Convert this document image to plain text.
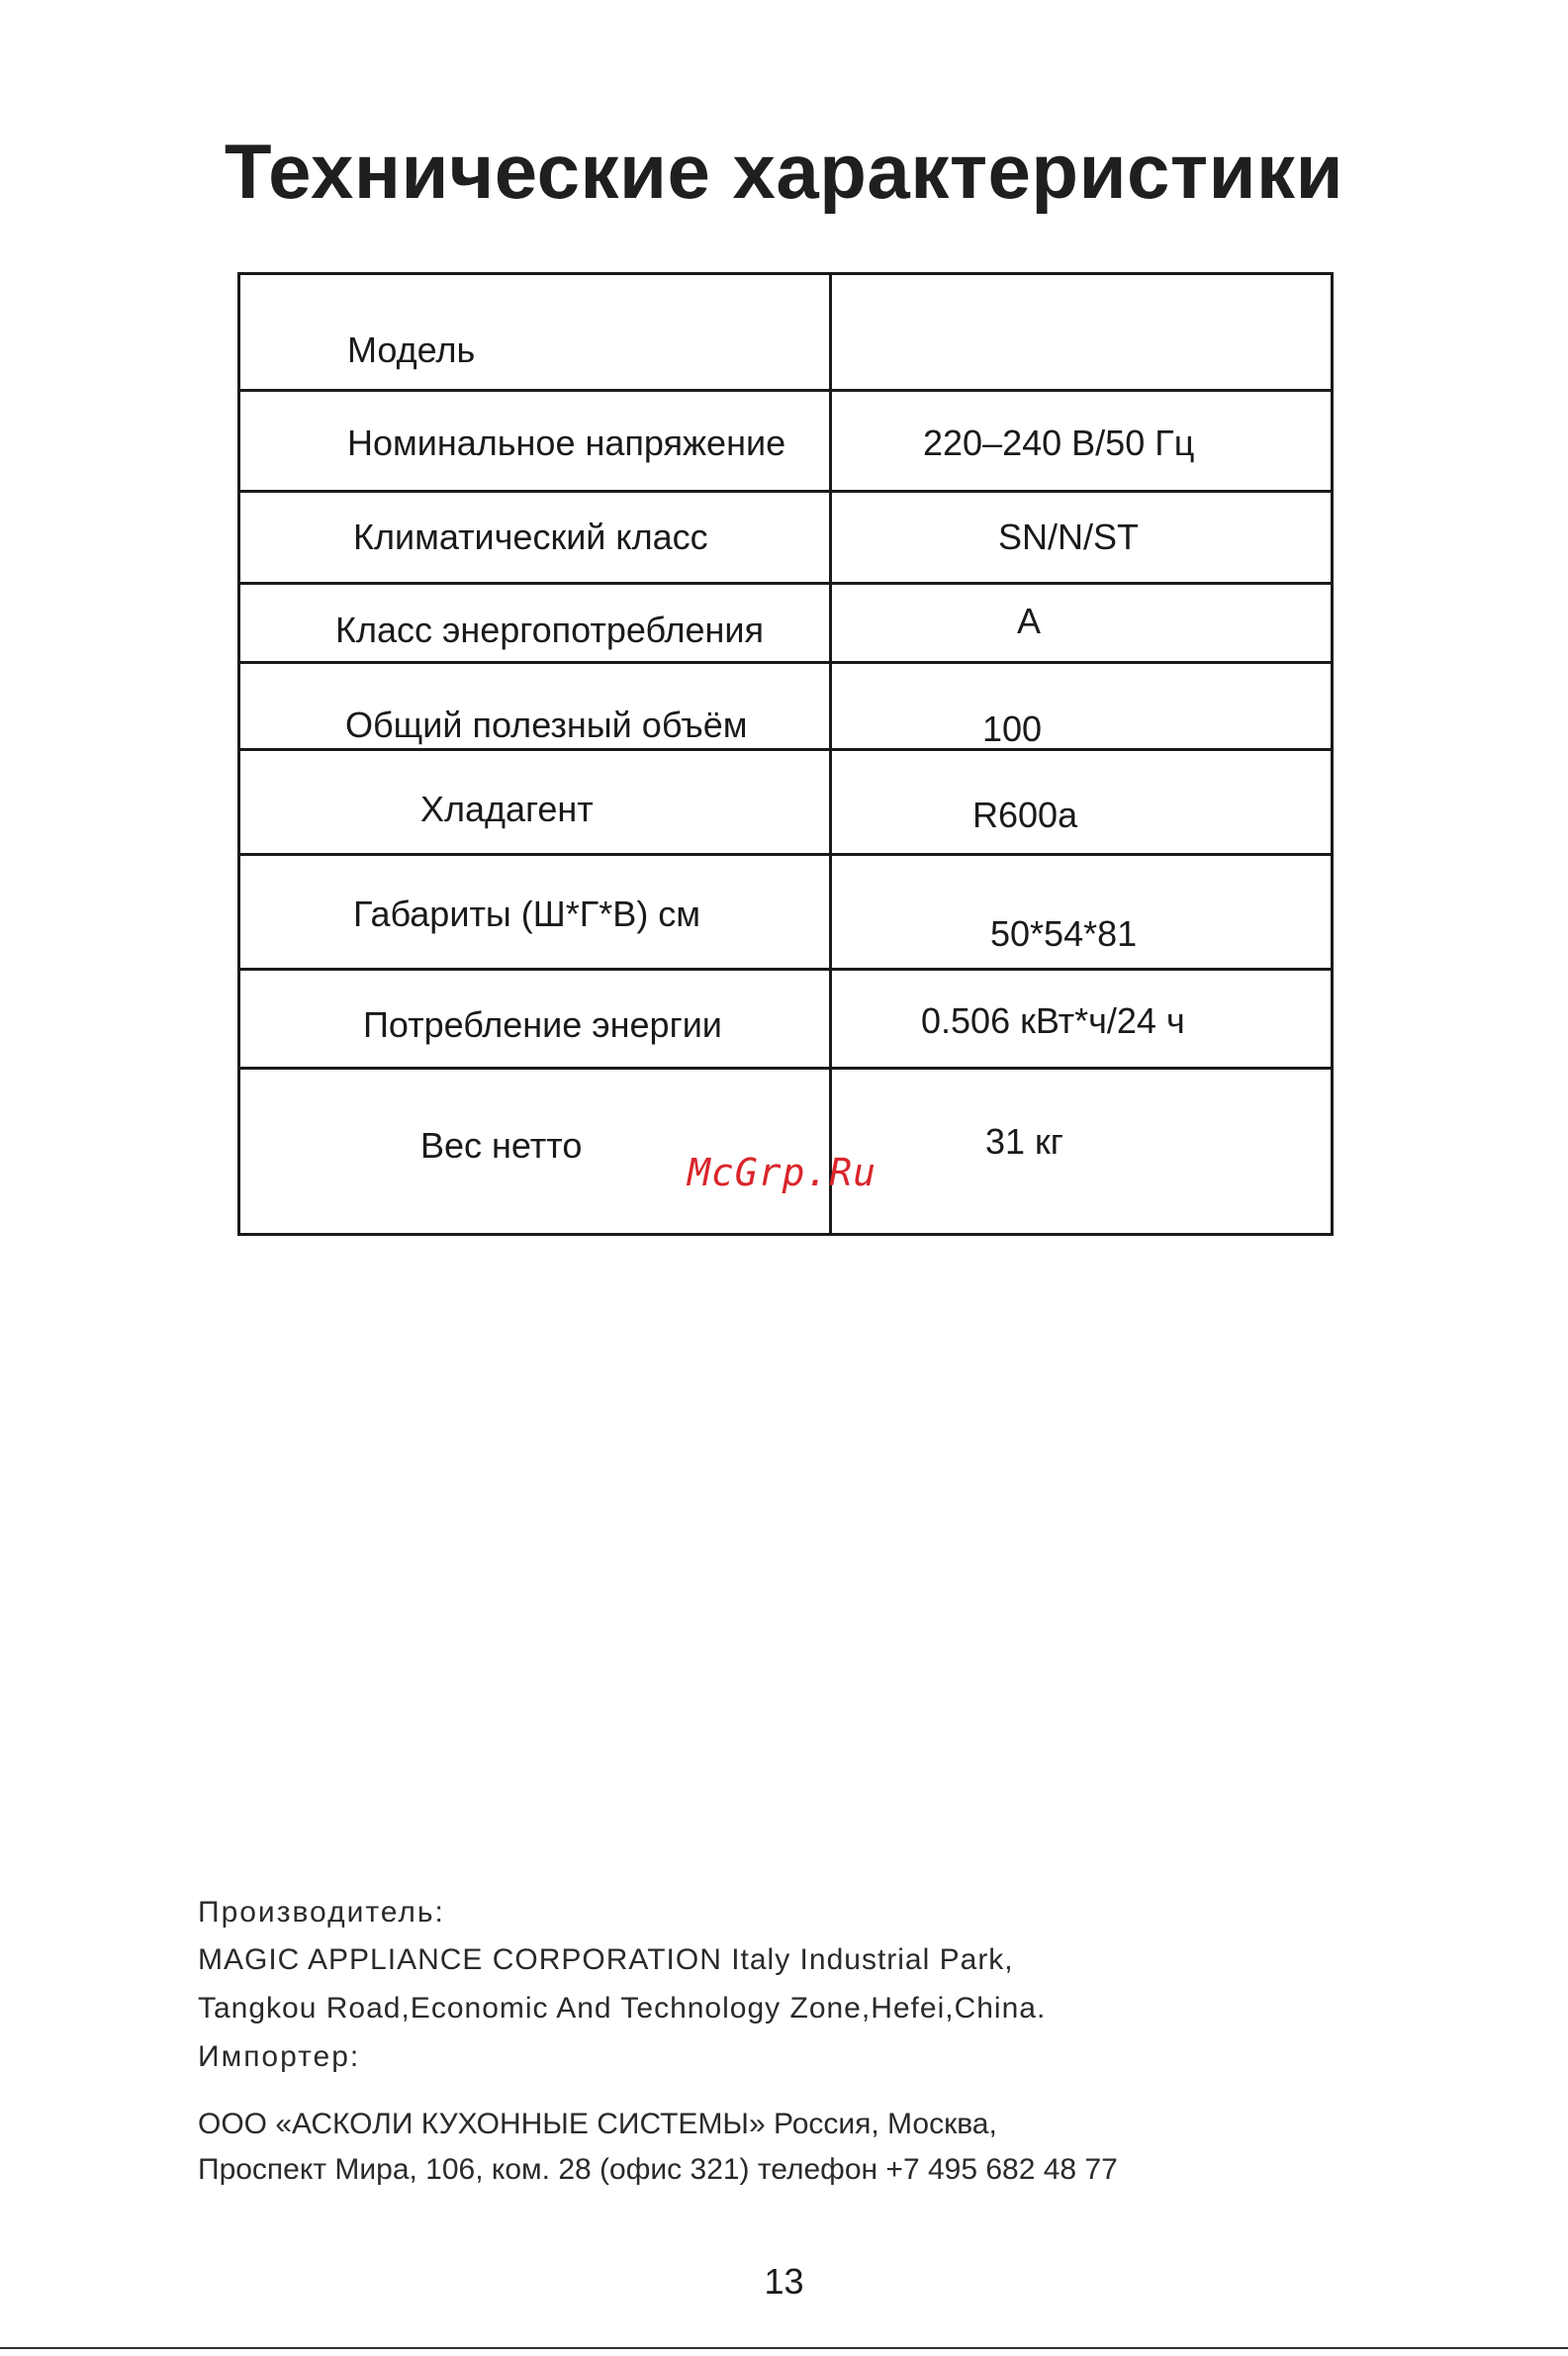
Технические характеристики
Модель
Номинальное напряжение	220–240 В/50 Гц
Климатический класс	SN/N/ST
Класс энергопотребления	A
Общий полезный объём	100
Хладагент	R600a
Габариты (Ш*Г*В) см	50*54*81
Потребление энергии	0.506 кВт*ч/24 ч
Вес нетто	31 кг
McGrp.Ru
Производитель:
MAGIC APPLIANCE CORPORATION Italy Industrial Park,
Tangkou Road,Economic And Technology Zone,Hefei,China.
Импортер:
ООО «АСКОЛИ КУХОННЫЕ СИСТЕМЫ» Россия, Москва,
Проспект Мира, 106, ком. 28 (офис 321) телефон +7 495 682 48 77
13
